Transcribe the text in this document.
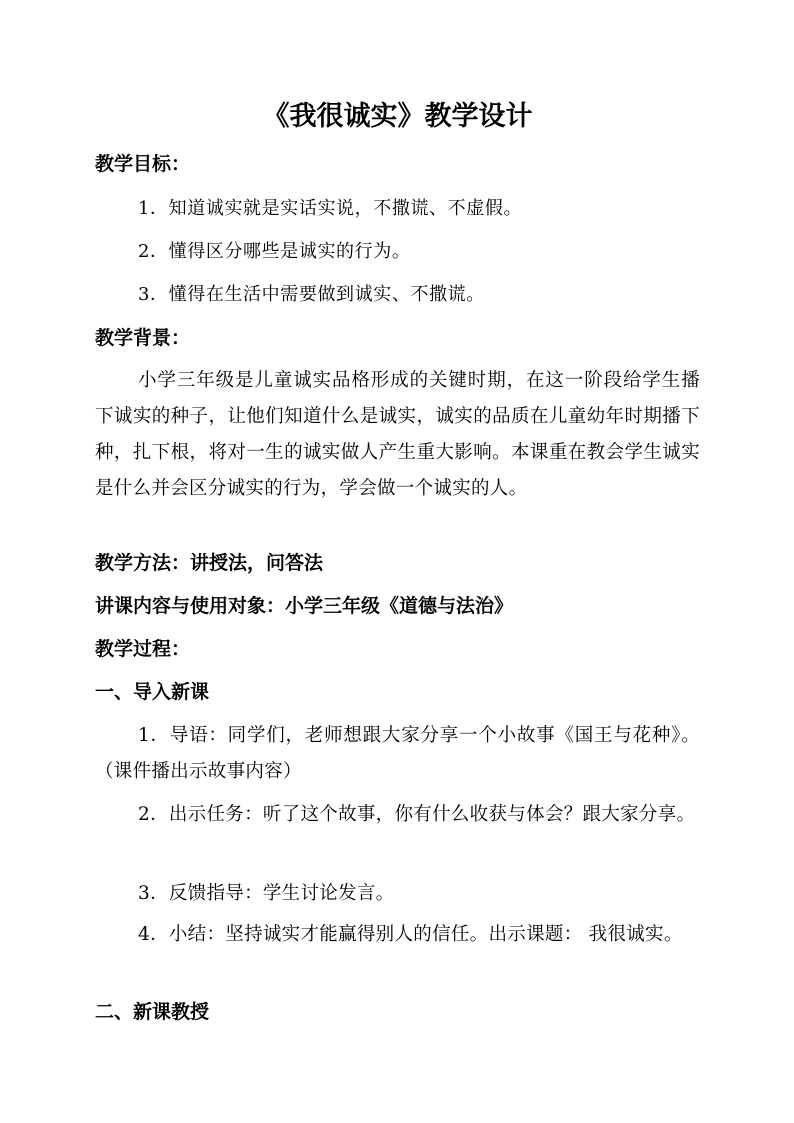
《我很诚实》教学设计
教学目标：
1．知道诚实就是实话实说，不撒谎、不虚假。
2．懂得区分哪些是诚实的行为。
3．懂得在生活中需要做到诚实、不撒谎。
教学背景：
小学三年级是儿童诚实品格形成的关键时期，在这一阶段给学生播下诚实的种子，让他们知道什么是诚实，诚实的品质在儿童幼年时期播下种，扎下根，将对一生的诚实做人产生重大影响。本课重在教会学生诚实是什么并会区分诚实的行为，学会做一个诚实的人。
教学方法：讲授法，问答法
讲课内容与使用对象：小学三年级《道德与法治》
教学过程：
一、导入新课
1．导语：同学们，老师想跟大家分享一个小故事《国王与花种》。（课件播出示故事内容）
2．出示任务：听了这个故事，你有什么收获与体会？跟大家分享。
3．反馈指导：学生讨论发言。
4．小结：坚持诚实才能赢得别人的信任。出示课题： 我很诚实。
二、新课教授
